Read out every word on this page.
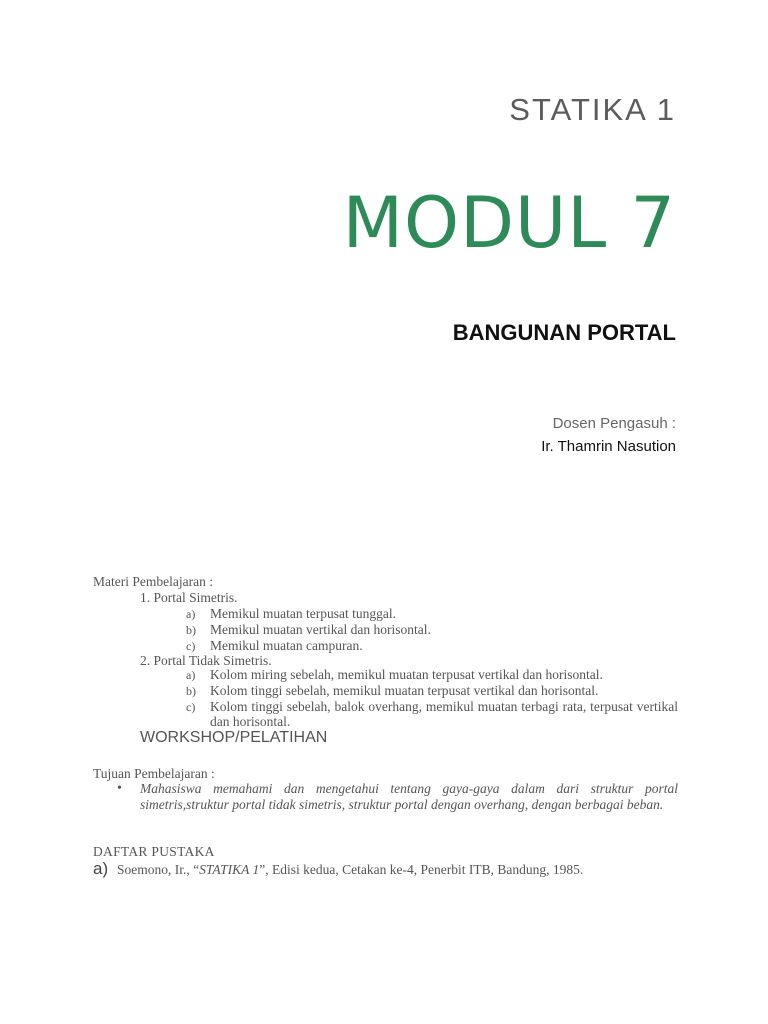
STATIKA 1
MODUL 7
BANGUNAN PORTAL
Dosen Pengasuh :
Ir. Thamrin Nasution
Materi Pembelajaran :
1. Portal Simetris.
a)	Memikul muatan terpusat tunggal.
b)	Memikul muatan vertikal dan horisontal.
c)	Memikul muatan campuran.
2. Portal Tidak Simetris.
a)	Kolom miring sebelah, memikul muatan terpusat vertikal dan horisontal.
b)	Kolom tinggi sebelah, memikul muatan terpusat vertikal dan horisontal.
c)	Kolom tinggi sebelah, balok overhang, memikul muatan terbagi rata, terpusat vertikal dan horisontal.
WORKSHOP/PELATIHAN
Tujuan Pembelajaran :
• Mahasiswa memahami dan mengetahui tentang gaya-gaya dalam dari struktur portal simetris,struktur portal tidak simetris, struktur portal dengan overhang, dengan berbagai beban.
DAFTAR PUSTAKA
a) Soemono, Ir., “STATIKA 1”, Edisi kedua, Cetakan ke-4, Penerbit ITB, Bandung, 1985.
